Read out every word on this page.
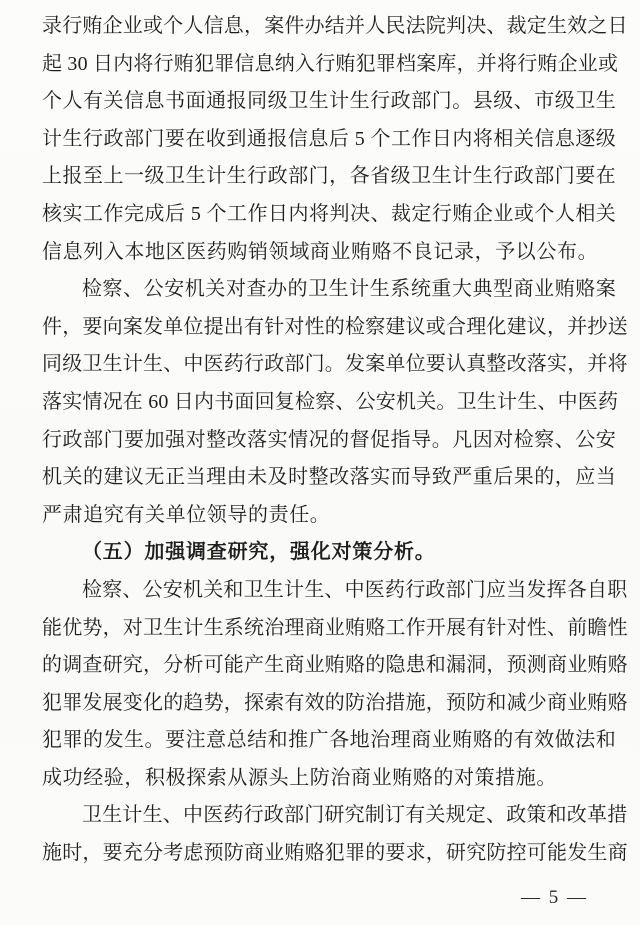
录行贿企业或个人信息，案件办结并人民法院判决、裁定生效之日
起 30 日内将行贿犯罪信息纳入行贿犯罪档案库，并将行贿企业或
个人有关信息书面通报同级卫生计生行政部门。县级、市级卫生
计生行政部门要在收到通报信息后 5 个工作日内将相关信息逐级
上报至上一级卫生计生行政部门，各省级卫生计生行政部门要在
核实工作完成后 5 个工作日内将判决、裁定行贿企业或个人相关
信息列入本地区医药购销领域商业贿赂不良记录，予以公布。
检察、公安机关对查办的卫生计生系统重大典型商业贿赂案
件，要向案发单位提出有针对性的检察建议或合理化建议，并抄送
同级卫生计生、中医药行政部门。发案单位要认真整改落实，并将
落实情况在 60 日内书面回复检察、公安机关。卫生计生、中医药
行政部门要加强对整改落实情况的督促指导。凡因对检察、公安
机关的建议无正当理由未及时整改落实而导致严重后果的，应当
严肃追究有关单位领导的责任。
（五）加强调查研究，强化对策分析。
检察、公安机关和卫生计生、中医药行政部门应当发挥各自职
能优势，对卫生计生系统治理商业贿赂工作开展有针对性、前瞻性
的调查研究，分析可能产生商业贿赂的隐患和漏洞，预测商业贿赂
犯罪发展变化的趋势，探索有效的防治措施，预防和减少商业贿赂
犯罪的发生。要注意总结和推广各地治理商业贿赂的有效做法和
成功经验，积极探索从源头上防治商业贿赂的对策措施。
卫生计生、中医药行政部门研究制订有关规定、政策和改革措
施时，要充分考虑预防商业贿赂犯罪的要求，研究防控可能发生商
— 5 —
